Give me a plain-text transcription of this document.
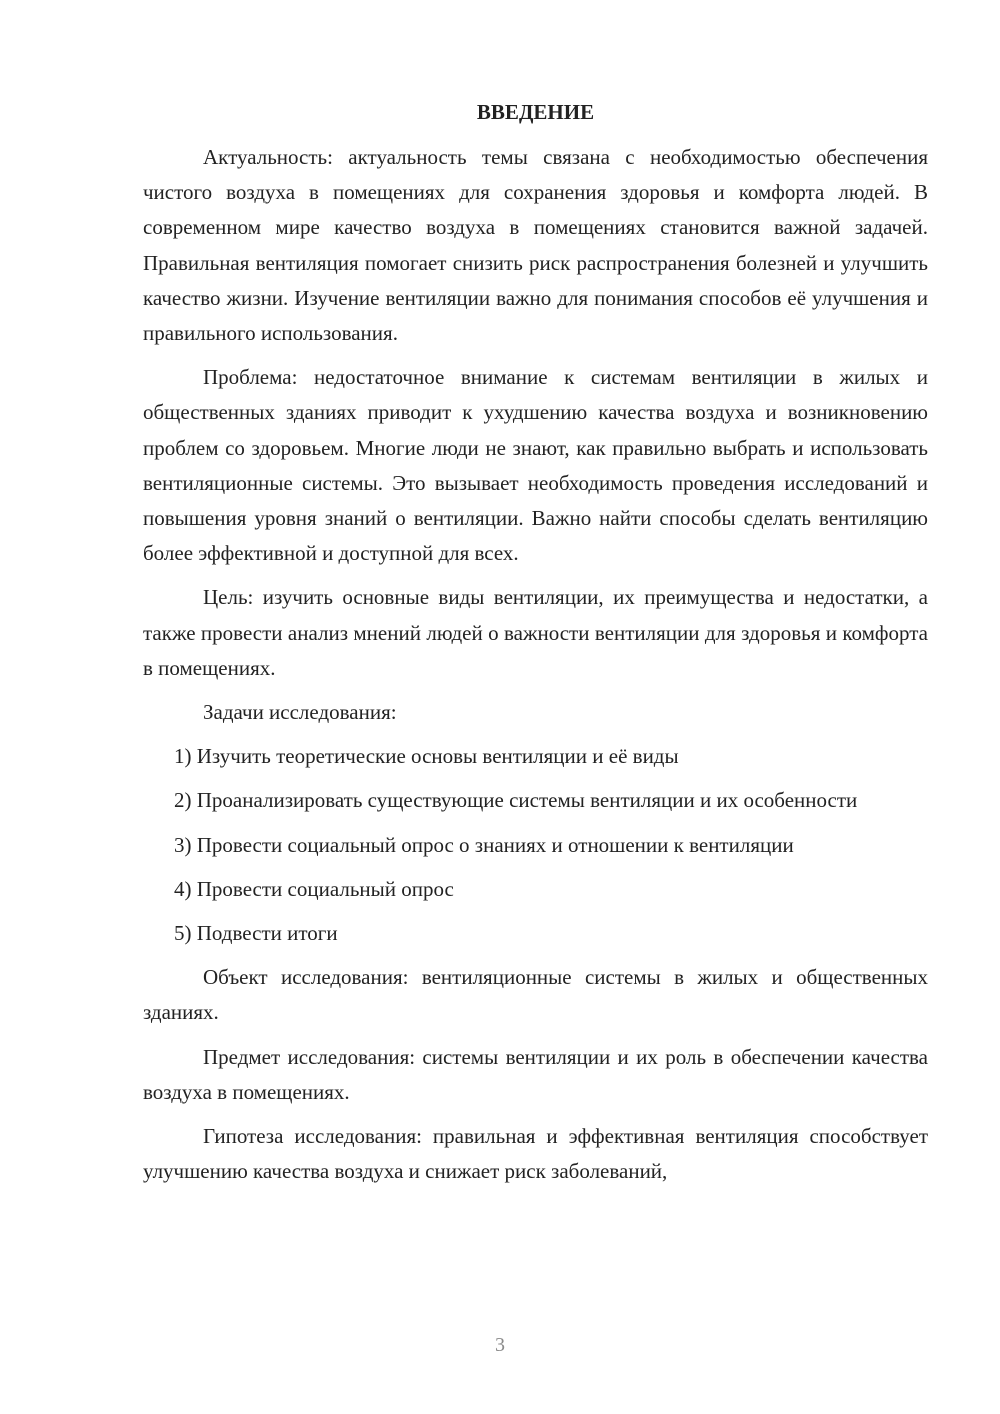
ВВЕДЕНИЕ

Актуальность: актуальность темы связана с необходимостью обеспечения чистого воздуха в помещениях для сохранения здоровья и комфорта людей. В современном мире качество воздуха в помещениях становится важной задачей. Правильная вентиляция помогает снизить риск распространения болезней и улучшить качество жизни. Изучение вентиляции важно для понимания способов её улучшения и правильного использования.

Проблема: недостаточное внимание к системам вентиляции в жилых и общественных зданиях приводит к ухудшению качества воздуха и возникновению проблем со здоровьем. Многие люди не знают, как правильно выбрать и использовать вентиляционные системы. Это вызывает необходимость проведения исследований и повышения уровня знаний о вентиляции. Важно найти способы сделать вентиляцию более эффективной и доступной для всех.

Цель: изучить основные виды вентиляции, их преимущества и недостатки, а также провести анализ мнений людей о важности вентиляции для здоровья и комфорта в помещениях.

Задачи исследования:

1) Изучить теоретические основы вентиляции и её виды

2) Проанализировать существующие системы вентиляции и их особенности

3) Провести социальный опрос о знаниях и отношении к вентиляции

4) Провести социальный опрос

5) Подвести итоги

Объект исследования: вентиляционные системы в жилых и общественных зданиях.

Предмет исследования: системы вентиляции и их роль в обеспечении качества воздуха в помещениях.

Гипотеза исследования: правильная и эффективная вентиляция способствует улучшению качества воздуха и снижает риск заболеваний,

3
